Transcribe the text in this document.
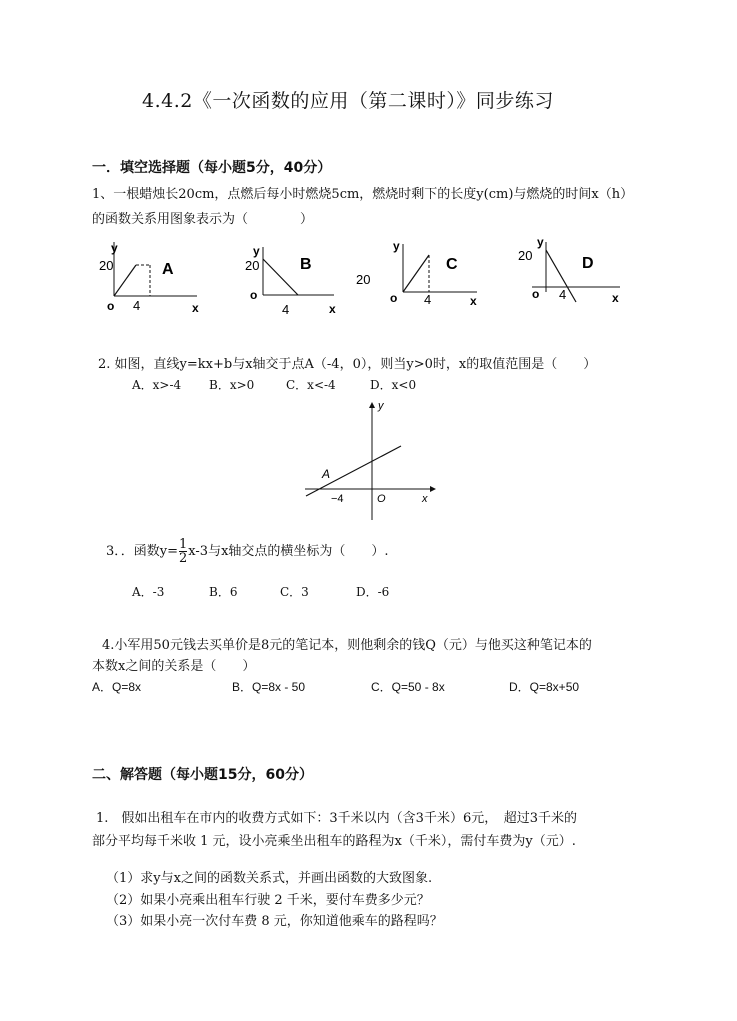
4.4.2《一次函数的应用（第二课时）》同步练习
一．填空选择题（每小题5分，40分）
1、一根蜡烛长20cm，点燃后每小时燃烧5cm，燃烧时剩下的长度y(cm)与燃烧的时间x（h）
的函数关系用图象表示为（　　　　）
y
20
o 4	x
A
y
20
o
4	x
B
y
20
o 4	x
C
y
20
o 4	x
D
2. 如图，直线y=kx+b与x轴交于点A（-4，0），则当y>0时，x的取值范围是（　　）
A．x>-4 B．x>0	C．x<-4	D．x<0
y
A
−4	O	x
3．．函数$y= \frac{1}{2} x-3$与x轴交点的横坐标为（　　）.
A．-3	B．6	C．3	D．-6
4.小军用50元钱去买单价是8元的笔记本，则他剩余的钱Q（元）与他买这种笔记本的
本数x之间的关系是（　　）
A．Q=8x	B．Q=8x - 50	C．Q=50 - 8x	D．Q=8x+50
二、解答题（每小题15分，60分）
1.　假如出租车在市内的收费方式如下：3千米以内（含3千米）6元，　超过3千米的
部分平均每千米收 1 元，设小亮乘坐出租车的路程为x（千米），需付车费为y（元）.
（1）求y与x之间的函数关系式，并画出函数的大致图象.
（2）如果小亮乘出租车行驶 2 千米，要付车费多少元？
（3）如果小亮一次付车费 8 元，你知道他乘车的路程吗？
